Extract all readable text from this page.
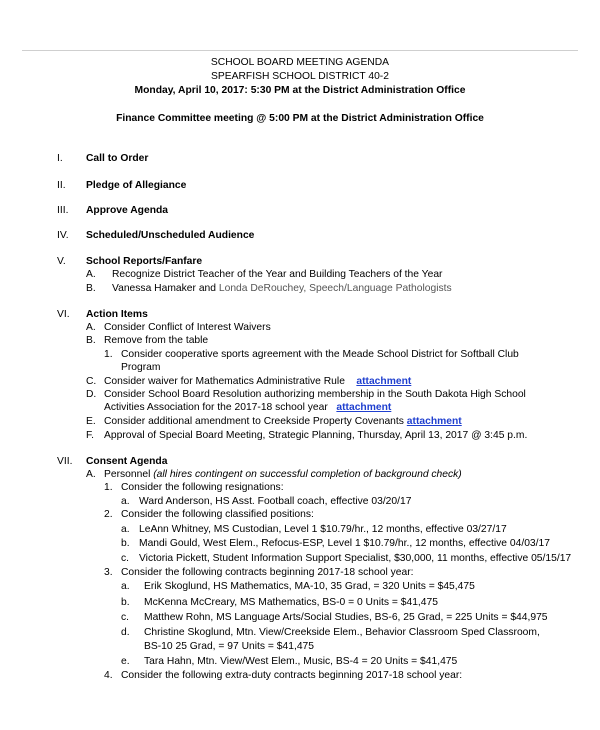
SCHOOL BOARD MEETING AGENDA
SPEARFISH SCHOOL DISTRICT 40-2
Monday, April 10, 2017: 5:30 PM at the District Administration Office
Finance Committee meeting @ 5:00 PM at the District Administration Office
I. Call to Order
II. Pledge of Allegiance
III. Approve Agenda
IV. Scheduled/Unscheduled Audience
V. School Reports/Fanfare
A. Recognize District Teacher of the Year and Building Teachers of the Year
B. Vanessa Hamaker and Londa DeRouchey, Speech/Language Pathologists
VI. Action Items
A. Consider Conflict of Interest Waivers
B. Remove from the table
1. Consider cooperative sports agreement with the Meade School District for Softball Club
Program
C. Consider waiver for Mathematics Administrative Rule attachment
D. Consider School Board Resolution authorizing membership in the South Dakota High School
Activities Association for the 2017-18 school year attachment
E. Consider additional amendment to Creekside Property Covenants attachment
F. Approval of Special Board Meeting, Strategic Planning, Thursday, April 13, 2017 @ 3:45 p.m.
VII. Consent Agenda
A. Personnel (all hires contingent on successful completion of background check)
1. Consider the following resignations:
a. Ward Anderson, HS Asst. Football coach, effective 03/20/17
2. Consider the following classified positions:
a. LeAnn Whitney, MS Custodian, Level 1 $10.79/hr., 12 months, effective 03/27/17
b. Mandi Gould, West Elem., Refocus-ESP, Level 1 $10.79/hr., 12 months, effective 04/03/17
c. Victoria Pickett, Student Information Support Specialist, $30,000, 11 months, effective 05/15/17
3. Consider the following contracts beginning 2017-18 school year:
a. Erik Skoglund, HS Mathematics, MA-10, 35 Grad, = 320 Units = $45,475
b. McKenna McCreary, MS Mathematics, BS-0 = 0 Units = $41,475
c. Matthew Rohn, MS Language Arts/Social Studies, BS-6, 25 Grad, = 225 Units = $44,975
d. Christine Skoglund, Mtn. View/Creekside Elem., Behavior Classroom Sped Classroom,
BS-10 25 Grad, = 97 Units = $41,475
e. Tara Hahn, Mtn. View/West Elem., Music, BS-4 = 20 Units = $41,475
4. Consider the following extra-duty contracts beginning 2017-18 school year:
